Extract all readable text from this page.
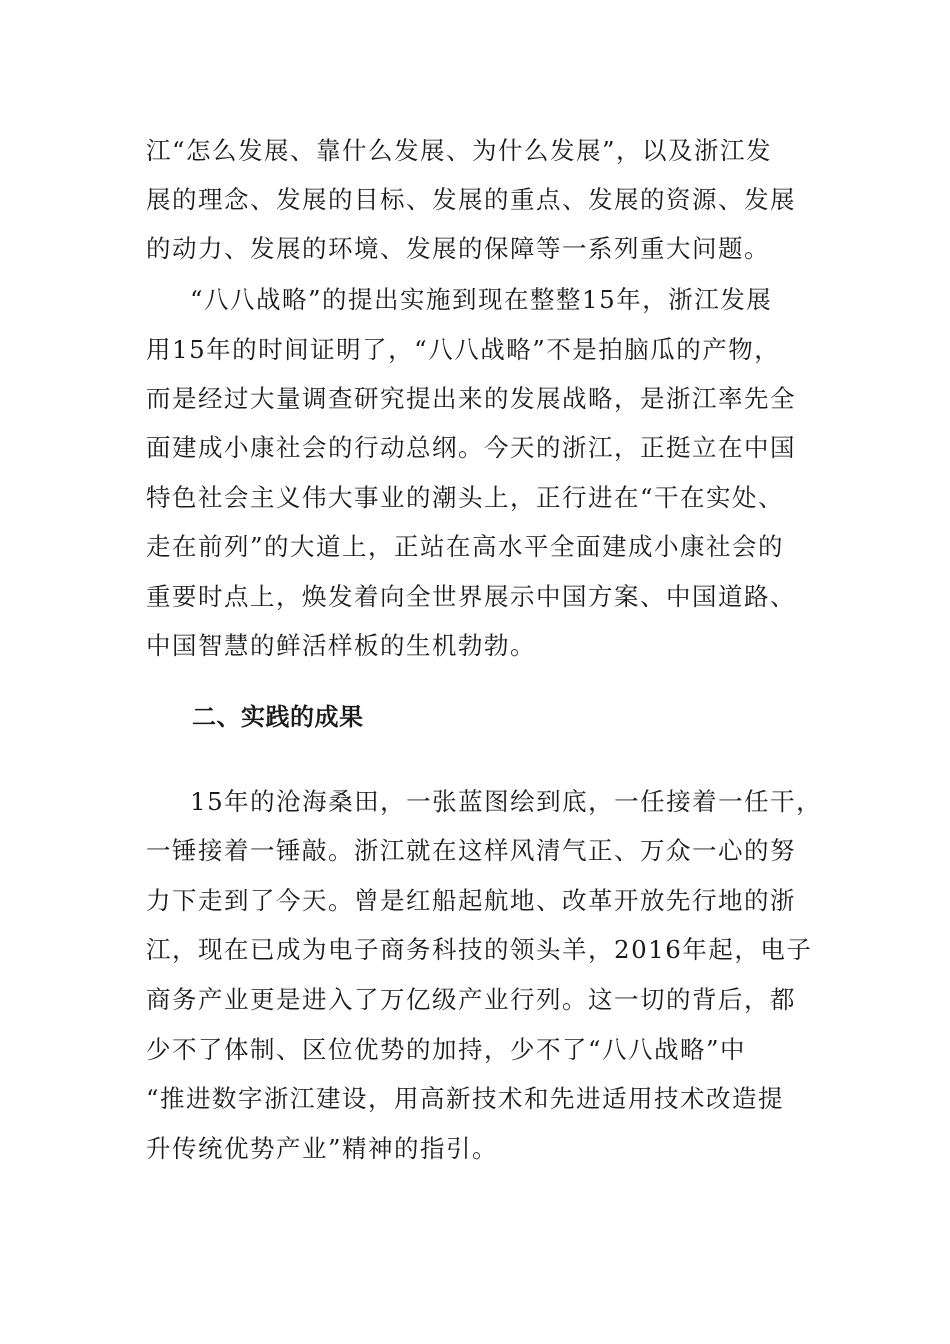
江“怎么发展、靠什么发展、为什么发展”，以及浙江发
展的理念、发展的目标、发展的重点、发展的资源、发展
的动力、发展的环境、发展的保障等一系列重大问题。
“八八战略”的提出实施到现在整整15年，浙江发展
用15年的时间证明了，“八八战略”不是拍脑瓜的产物，
而是经过大量调查研究提出来的发展战略，是浙江率先全
面建成小康社会的行动总纲。今天的浙江，正挺立在中国
特色社会主义伟大事业的潮头上，正行进在“干在实处、
走在前列”的大道上，正站在高水平全面建成小康社会的
重要时点上，焕发着向全世界展示中国方案、中国道路、
中国智慧的鲜活样板的生机勃勃。
二、实践的成果
15年的沧海桑田，一张蓝图绘到底，一任接着一任干，
一锤接着一锤敲。浙江就在这样风清气正、万众一心的努
力下走到了今天。曾是红船起航地、改革开放先行地的浙
江，现在已成为电子商务科技的领头羊，2016年起，电子
商务产业更是进入了万亿级产业行列。这一切的背后，都
少不了体制、区位优势的加持，少不了“八八战略”中
“推进数字浙江建设，用高新技术和先进适用技术改造提
升传统优势产业”精神的指引。
